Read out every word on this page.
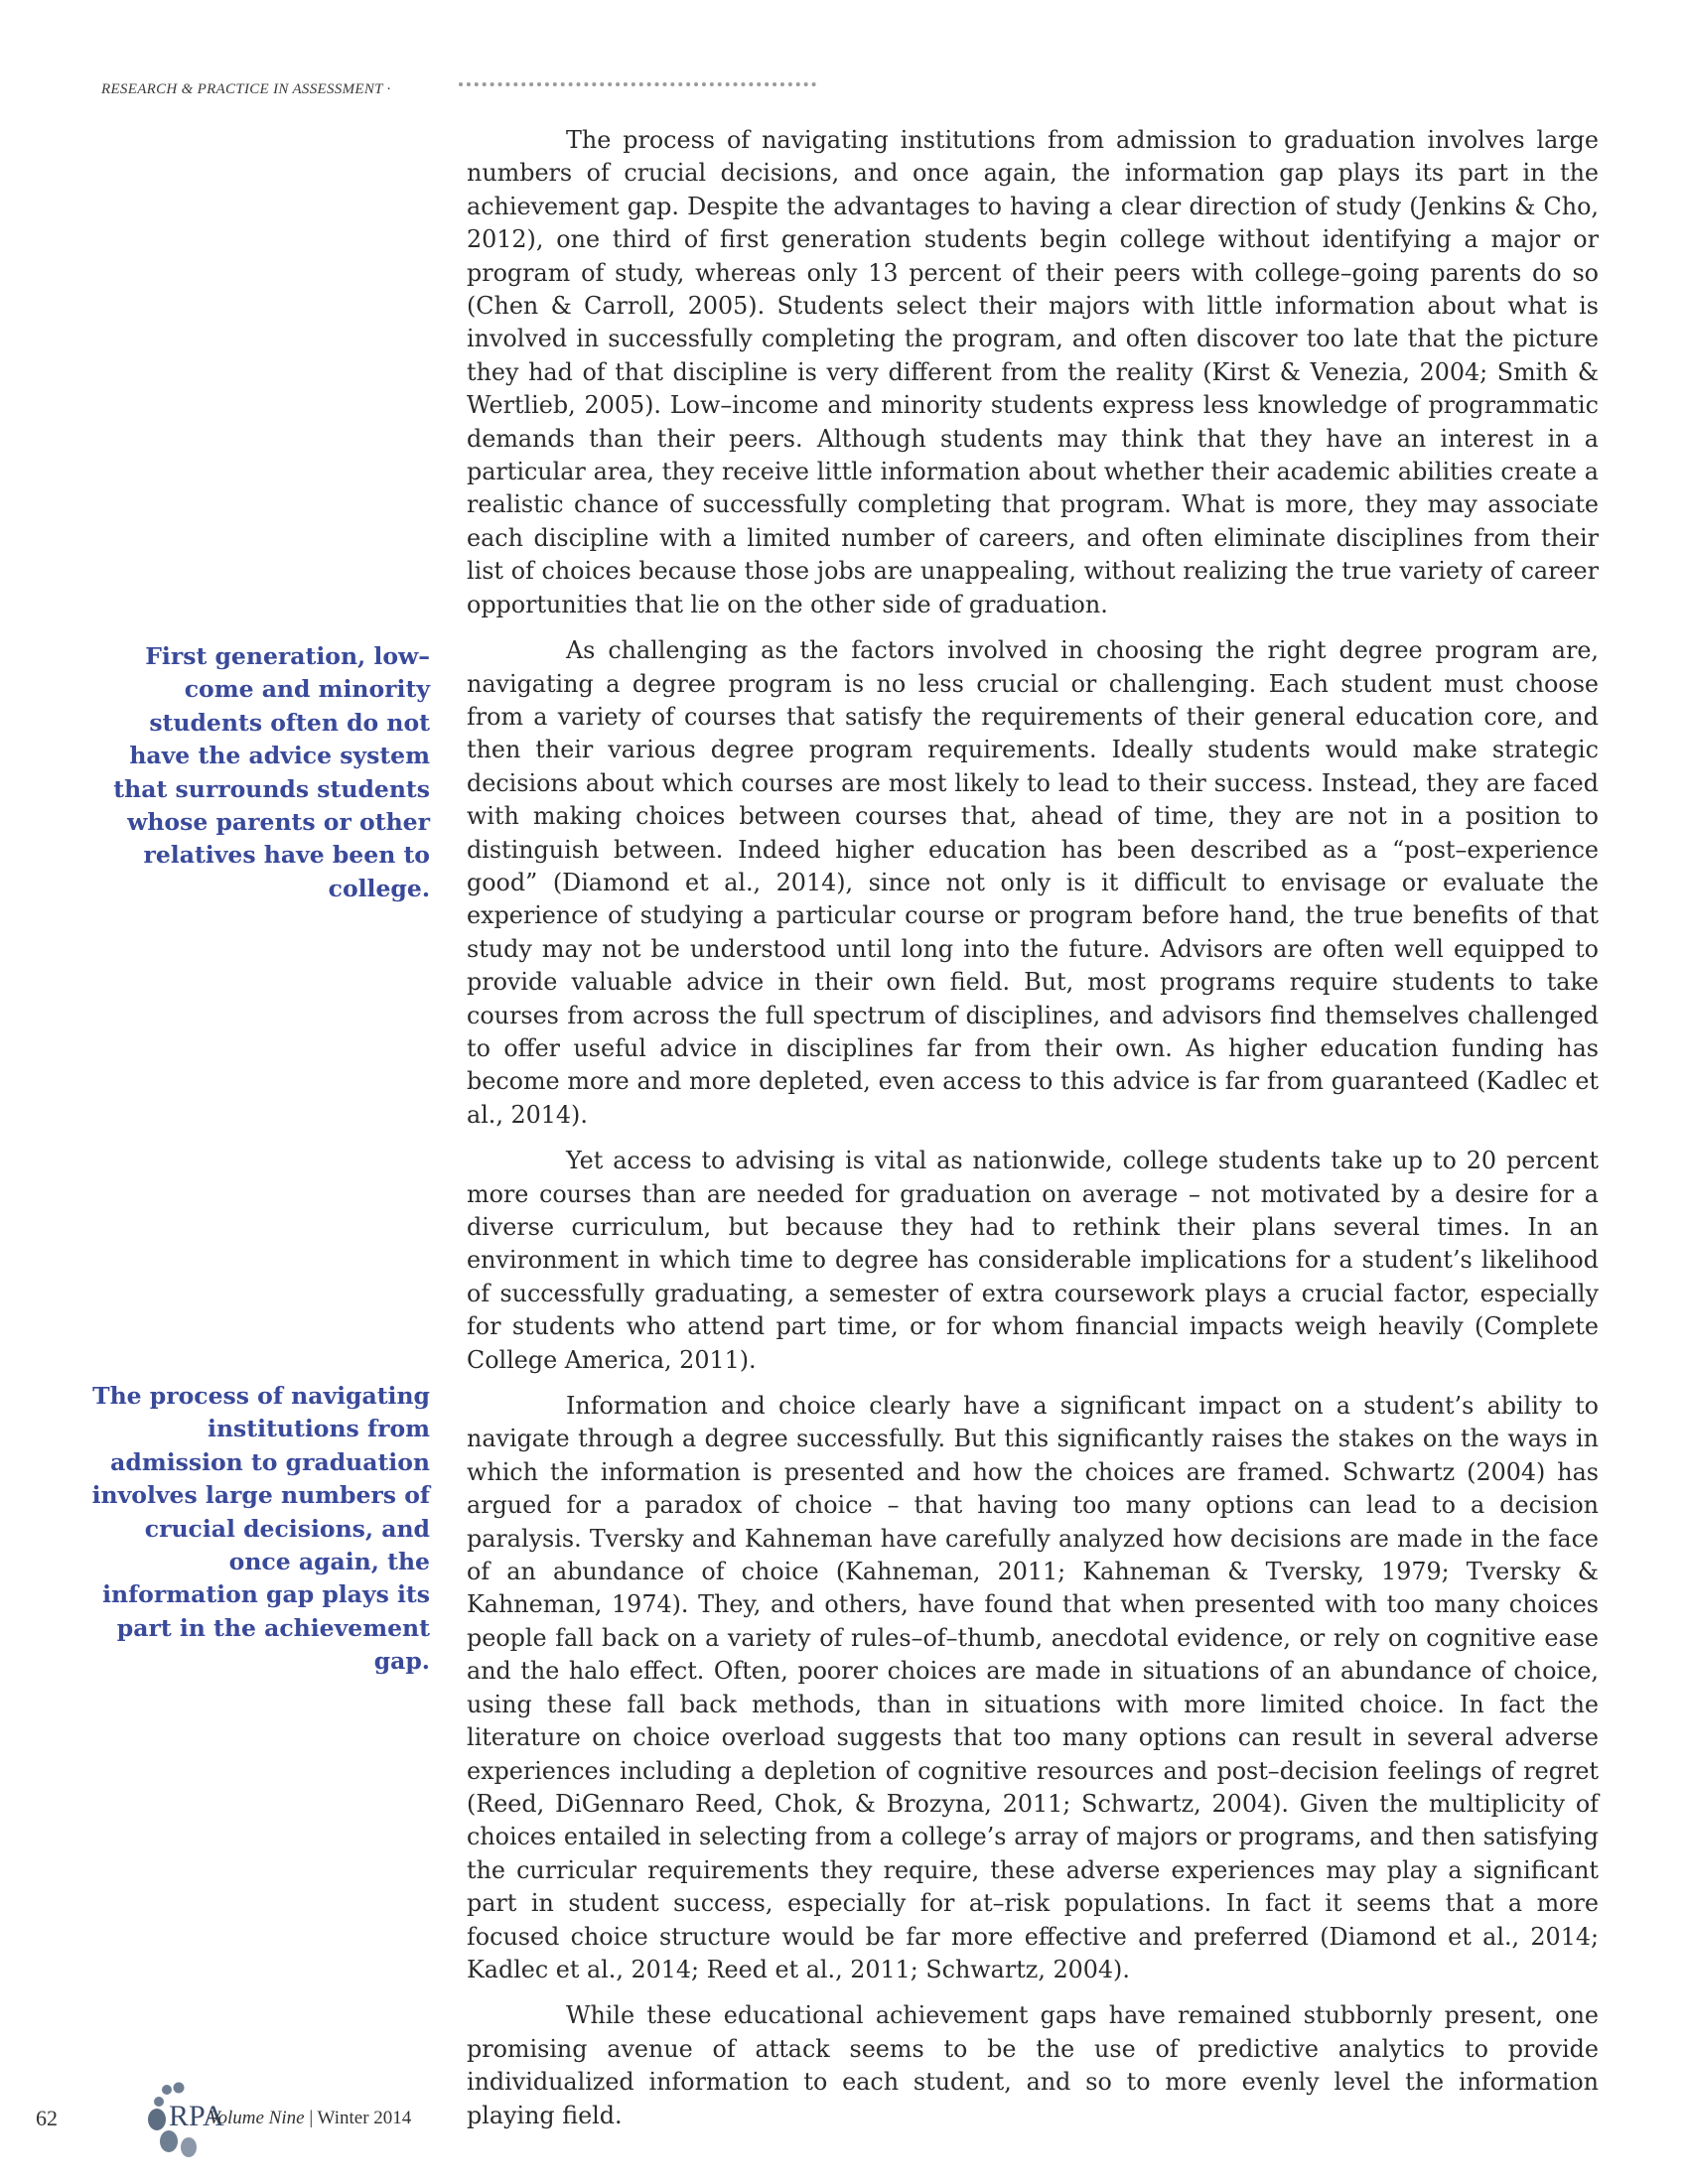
RESEARCH & PRACTICE IN ASSESSMENT ·
First generation, low–come and minority students often do not have the advice system that surrounds students whose parents or other relatives have been to college.
The process of navigating institutions from admission to graduation involves large numbers of crucial decisions, and once again, the information gap plays its part in the achievement gap.

The process of navigating institutions from admission to graduation involves large numbers of crucial decisions, and once again, the information gap plays its part in the achievement gap. Despite the advantages to having a clear direction of study (Jenkins & Cho, 2012), one third of first generation students begin college without identifying a major or program of study, whereas only 13 percent of their peers with college–going parents do so (Chen & Carroll, 2005). Students select their majors with little information about what is involved in successfully completing the program, and often discover too late that the picture they had of that discipline is very different from the reality (Kirst & Venezia, 2004; Smith & Wertlieb, 2005). Low–income and minority students express less knowledge of programmatic demands than their peers. Although students may think that they have an interest in a particular area, they receive little information about whether their academic abilities create a realistic chance of successfully completing that program. What is more, they may associate each discipline with a limited number of careers, and often eliminate disciplines from their list of choices because those jobs are unappealing, without realizing the true variety of career opportunities that lie on the other side of graduation.

As challenging as the factors involved in choosing the right degree program are, navigating a degree program is no less crucial or challenging. Each student must choose from a variety of courses that satisfy the requirements of their general education core, and then their various degree program requirements. Ideally students would make strategic decisions about which courses are most likely to lead to their success. Instead, they are faced with making choices between courses that, ahead of time, they are not in a position to distinguish between. Indeed higher education has been described as a “post–experience good” (Diamond et al., 2014), since not only is it difficult to envisage or evaluate the experience of studying a particular course or program before hand, the true benefits of that study may not be understood until long into the future. Advisors are often well equipped to provide valuable advice in their own field. But, most programs require students to take courses from across the full spectrum of disciplines, and advisors find themselves challenged to offer useful advice in disciplines far from their own. As higher education funding has become more and more depleted, even access to this advice is far from guaranteed (Kadlec et al., 2014).

Yet access to advising is vital as nationwide, college students take up to 20 percent more courses than are needed for graduation on average – not motivated by a desire for a diverse curriculum, but because they had to rethink their plans several times. In an environment in which time to degree has considerable implications for a student’s likelihood of successfully graduating, a semester of extra coursework plays a crucial factor, especially for students who attend part time, or for whom financial impacts weigh heavily (Complete College America, 2011).

Information and choice clearly have a significant impact on a student’s ability to navigate through a degree successfully. But this significantly raises the stakes on the ways in which the information is presented and how the choices are framed. Schwartz (2004) has argued for a paradox of choice – that having too many options can lead to a decision paralysis. Tversky and Kahneman have carefully analyzed how decisions are made in the face of an abundance of choice (Kahneman, 2011; Kahneman & Tversky, 1979; Tversky & Kahneman, 1974). They, and others, have found that when presented with too many choices people fall back on a variety of rules–of–thumb, anecdotal evidence, or rely on cognitive ease and the halo effect. Often, poorer choices are made in situations of an abundance of choice, using these fall back methods, than in situations with more limited choice. In fact the literature on choice overload suggests that too many options can result in several adverse experiences including a depletion of cognitive resources and post–decision feelings of regret (Reed, DiGennaro Reed, Chok, & Brozyna, 2011; Schwartz, 2004). Given the multiplicity of choices entailed in selecting from a college’s array of majors or programs, and then satisfying the curricular requirements they require, these adverse experiences may play a significant part in student success, especially for at–risk populations. In fact it seems that a more focused choice structure would be far more effective and preferred (Diamond et al., 2014; Kadlec et al., 2014; Reed et al., 2011; Schwartz, 2004).

While these educational achievement gaps have remained stubbornly present, one promising avenue of attack seems to be the use of predictive analytics to provide individualized information to each student, and so to more evenly level the information playing field.

62	RPA
Volume Nine | Winter 2014
